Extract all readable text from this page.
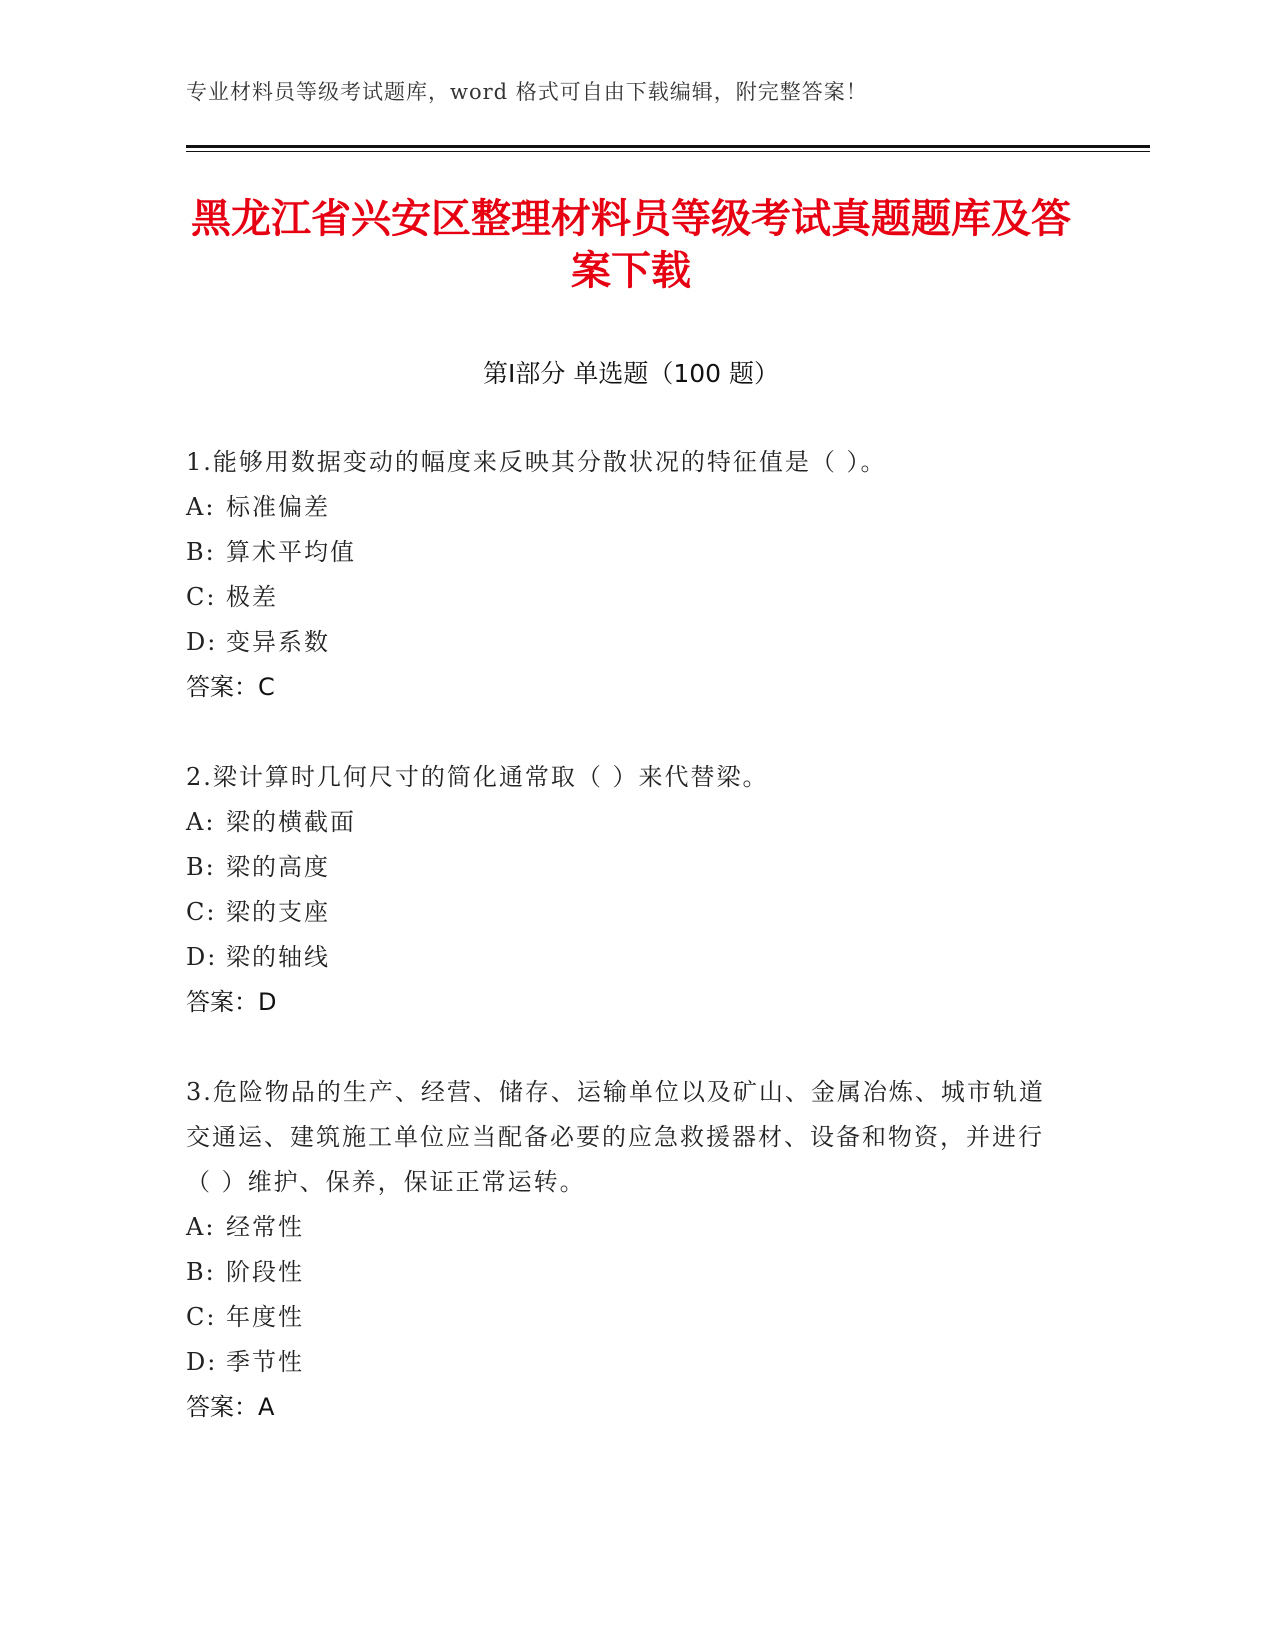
专业材料员等级考试题库，word 格式可自由下载编辑，附完整答案！
黑龙江省兴安区整理材料员等级考试真题题库及答案下载
第Ⅰ部分 单选题（100 题）
1.能够用数据变动的幅度来反映其分散状况的特征值是（ ）。
A: 标准偏差
B: 算术平均值
C: 极差
D: 变异系数
答案：C
2.梁计算时几何尺寸的简化通常取（ ）来代替梁。
A: 梁的横截面
B: 梁的高度
C: 梁的支座
D: 梁的轴线
答案：D
3.危险物品的生产、经营、储存、运输单位以及矿山、金属冶炼、城市轨道交通运、建筑施工单位应当配备必要的应急救援器材、设备和物资，并进行（ ）维护、保养，保证正常运转。
A: 经常性
B: 阶段性
C: 年度性
D: 季节性
答案：A
